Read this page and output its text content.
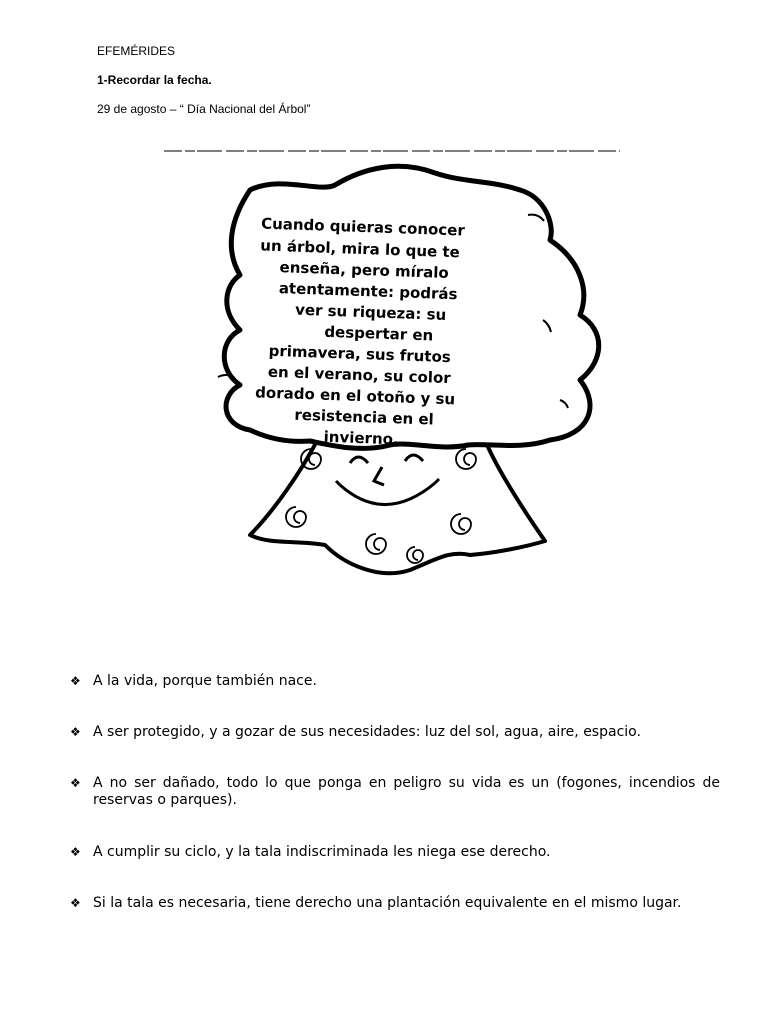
EFEMÉRIDES
1-Recordar la fecha.
29 de agosto – “ Día Nacional del Árbol”
Cuando quieras conocer
un árbol, mira lo que te
enseña, pero míralo
atentamente: podrás
ver su riqueza: su
despertar en
primavera, sus frutos
en el verano, su color
dorado en el otoño y su
resistencia en el
invierno.
❖ A la vida, porque también nace.
❖ A ser protegido, y a gozar de sus necesidades: luz del sol, agua, aire, espacio.
❖ A no ser dañado, todo lo que ponga en peligro su vida es un (fogones, incendios de reservas o parques).
❖ A cumplir su ciclo, y la tala indiscriminada les niega ese derecho.
❖ Si la tala es necesaria, tiene derecho una plantación equivalente en el mismo lugar.
